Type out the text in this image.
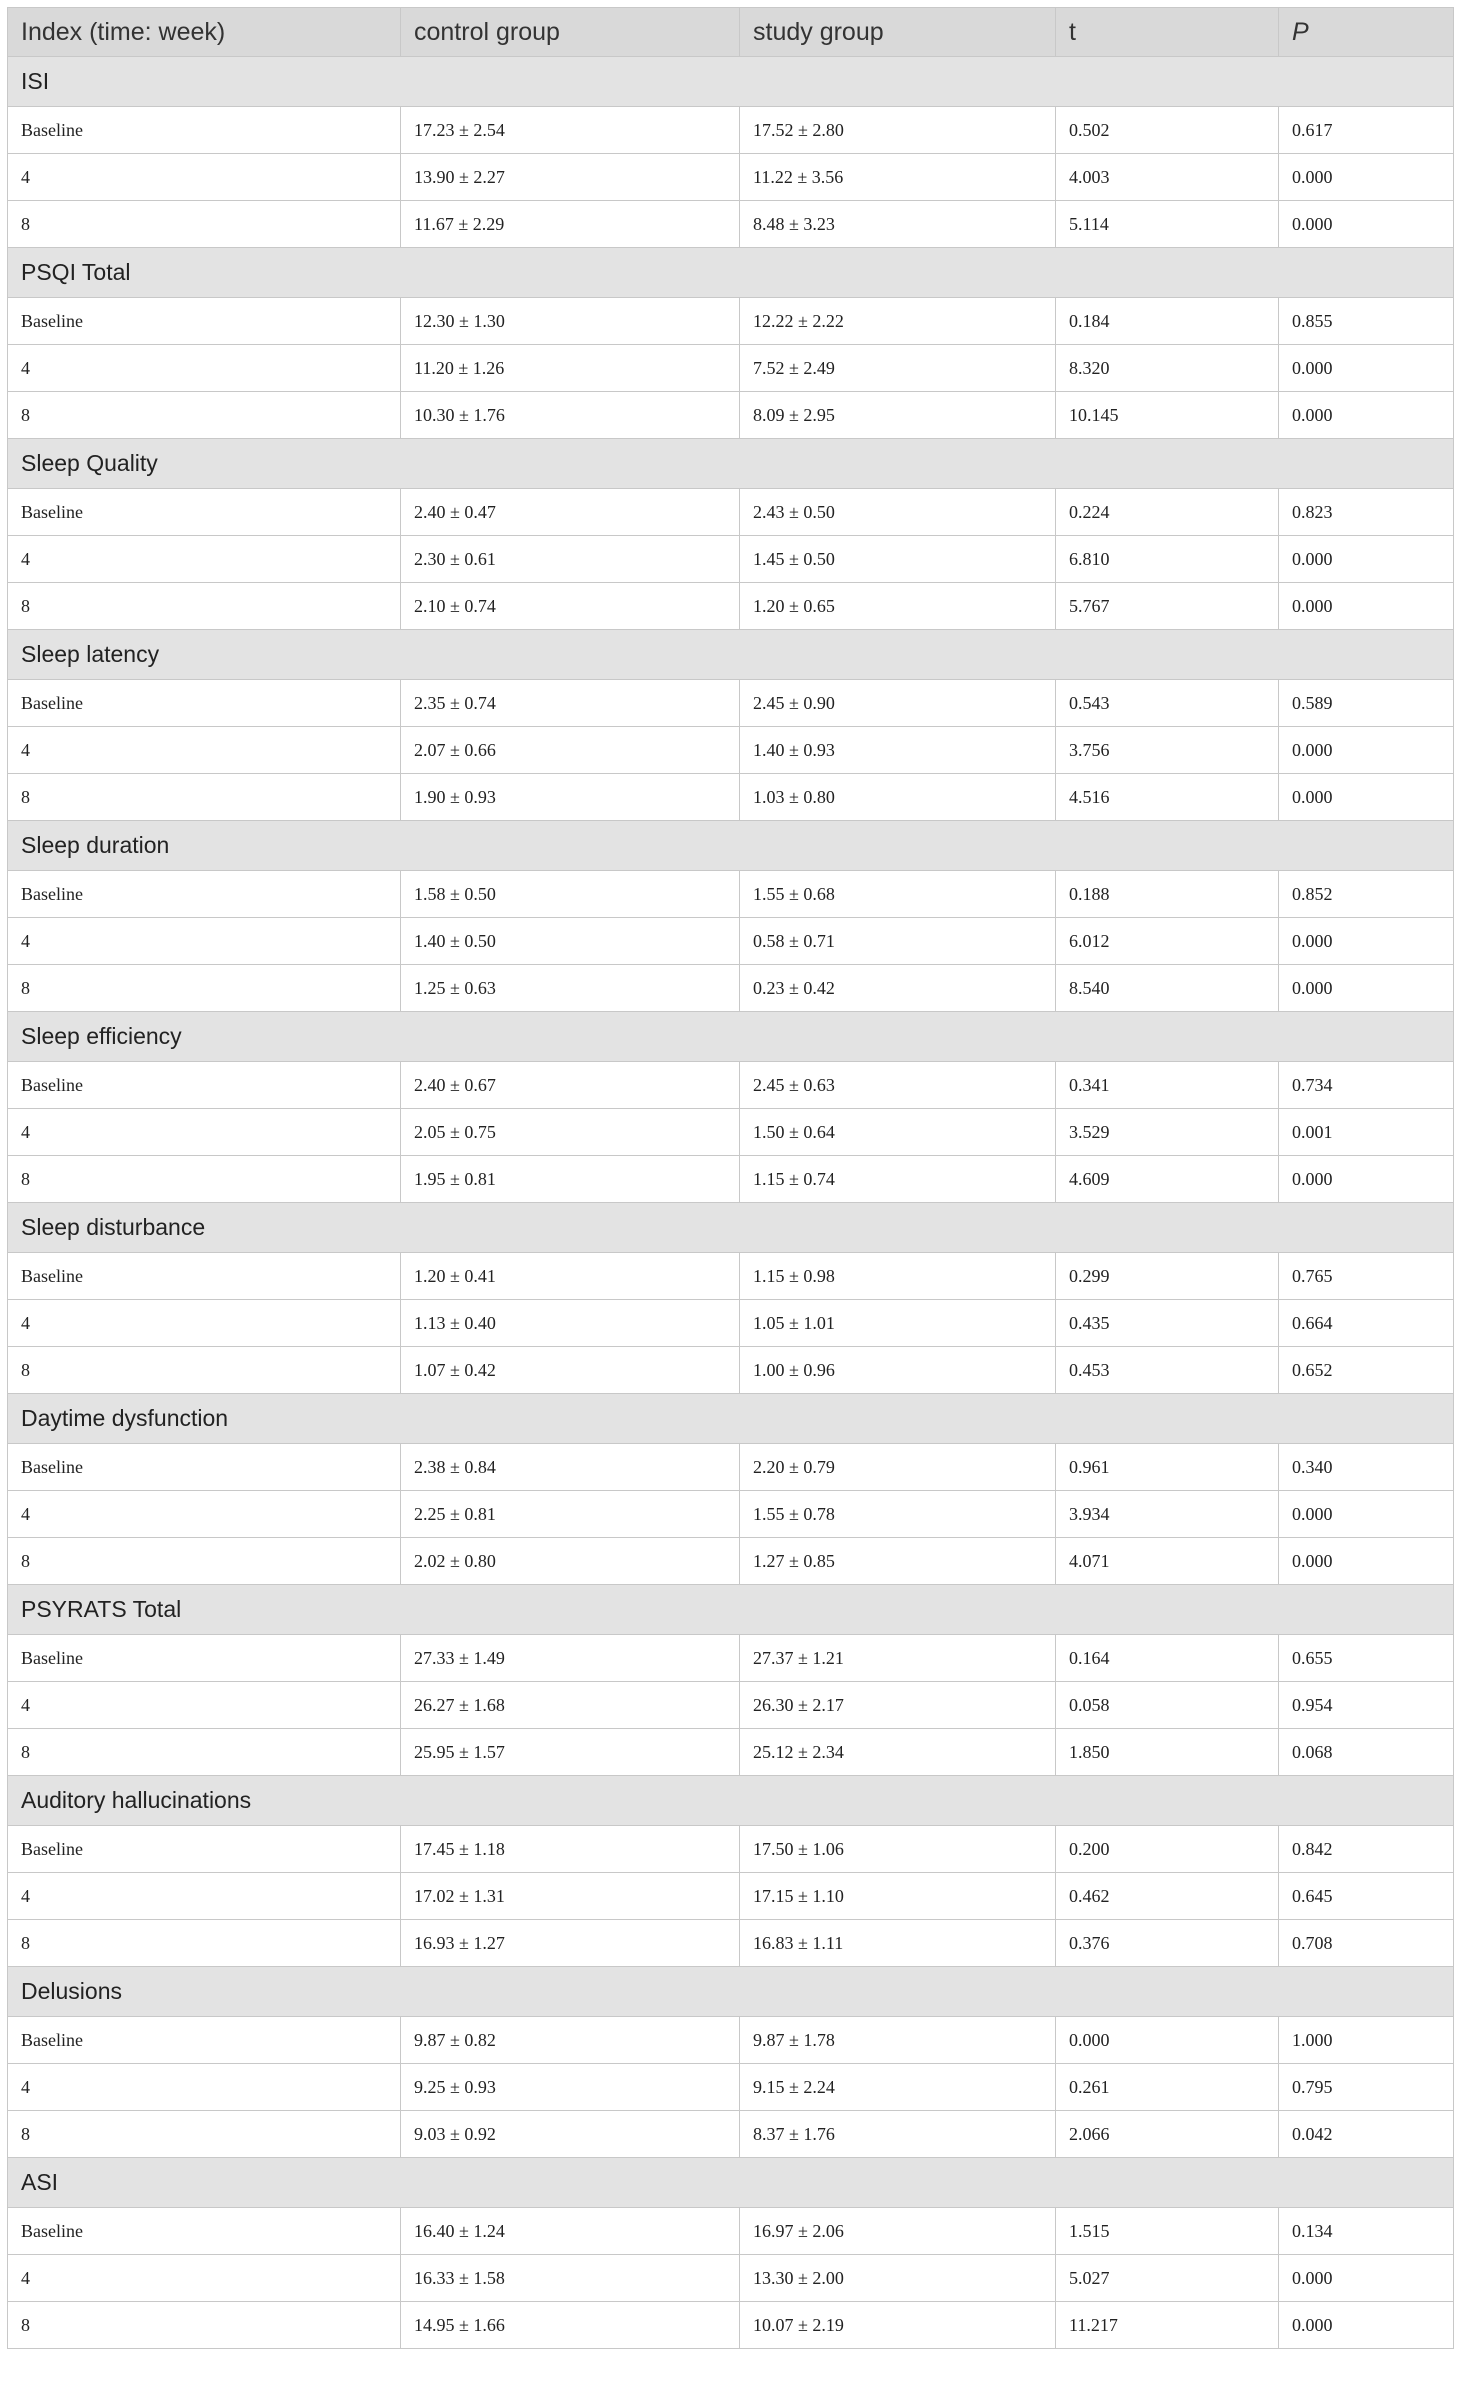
Index (time: week)	control group	study group	t	P
ISI				
Baseline	17.23 ± 2.54	17.52 ± 2.80	0.502	0.617
4	13.90 ± 2.27	11.22 ± 3.56	4.003	0.000
8	11.67 ± 2.29	8.48 ± 3.23	5.114	0.000
PSQI Total				
Baseline	12.30 ± 1.30	12.22 ± 2.22	0.184	0.855
4	11.20 ± 1.26	7.52 ± 2.49	8.320	0.000
8	10.30 ± 1.76	8.09 ± 2.95	10.145	0.000
Sleep Quality				
Baseline	2.40 ± 0.47	2.43 ± 0.50	0.224	0.823
4	2.30 ± 0.61	1.45 ± 0.50	6.810	0.000
8	2.10 ± 0.74	1.20 ± 0.65	5.767	0.000
Sleep latency				
Baseline	2.35 ± 0.74	2.45 ± 0.90	0.543	0.589
4	2.07 ± 0.66	1.40 ± 0.93	3.756	0.000
8	1.90 ± 0.93	1.03 ± 0.80	4.516	0.000
Sleep duration				
Baseline	1.58 ± 0.50	1.55 ± 0.68	0.188	0.852
4	1.40 ± 0.50	0.58 ± 0.71	6.012	0.000
8	1.25 ± 0.63	0.23 ± 0.42	8.540	0.000
Sleep efficiency				
Baseline	2.40 ± 0.67	2.45 ± 0.63	0.341	0.734
4	2.05 ± 0.75	1.50 ± 0.64	3.529	0.001
8	1.95 ± 0.81	1.15 ± 0.74	4.609	0.000
Sleep disturbance				
Baseline	1.20 ± 0.41	1.15 ± 0.98	0.299	0.765
4	1.13 ± 0.40	1.05 ± 1.01	0.435	0.664
8	1.07 ± 0.42	1.00 ± 0.96	0.453	0.652
Daytime dysfunction				
Baseline	2.38 ± 0.84	2.20 ± 0.79	0.961	0.340
4	2.25 ± 0.81	1.55 ± 0.78	3.934	0.000
8	2.02 ± 0.80	1.27 ± 0.85	4.071	0.000
PSYRATS Total				
Baseline	27.33 ± 1.49	27.37 ± 1.21	0.164	0.655
4	26.27 ± 1.68	26.30 ± 2.17	0.058	0.954
8	25.95 ± 1.57	25.12 ± 2.34	1.850	0.068
Auditory hallucinations				
Baseline	17.45 ± 1.18	17.50 ± 1.06	0.200	0.842
4	17.02 ± 1.31	17.15 ± 1.10	0.462	0.645
8	16.93 ± 1.27	16.83 ± 1.11	0.376	0.708
Delusions				
Baseline	9.87 ± 0.82	9.87 ± 1.78	0.000	1.000
4	9.25 ± 0.93	9.15 ± 2.24	0.261	0.795
8	9.03 ± 0.92	8.37 ± 1.76	2.066	0.042
ASI				
Baseline	16.40 ± 1.24	16.97 ± 2.06	1.515	0.134
4	16.33 ± 1.58	13.30 ± 2.00	5.027	0.000
8	14.95 ± 1.66	10.07 ± 2.19	11.217	0.000
